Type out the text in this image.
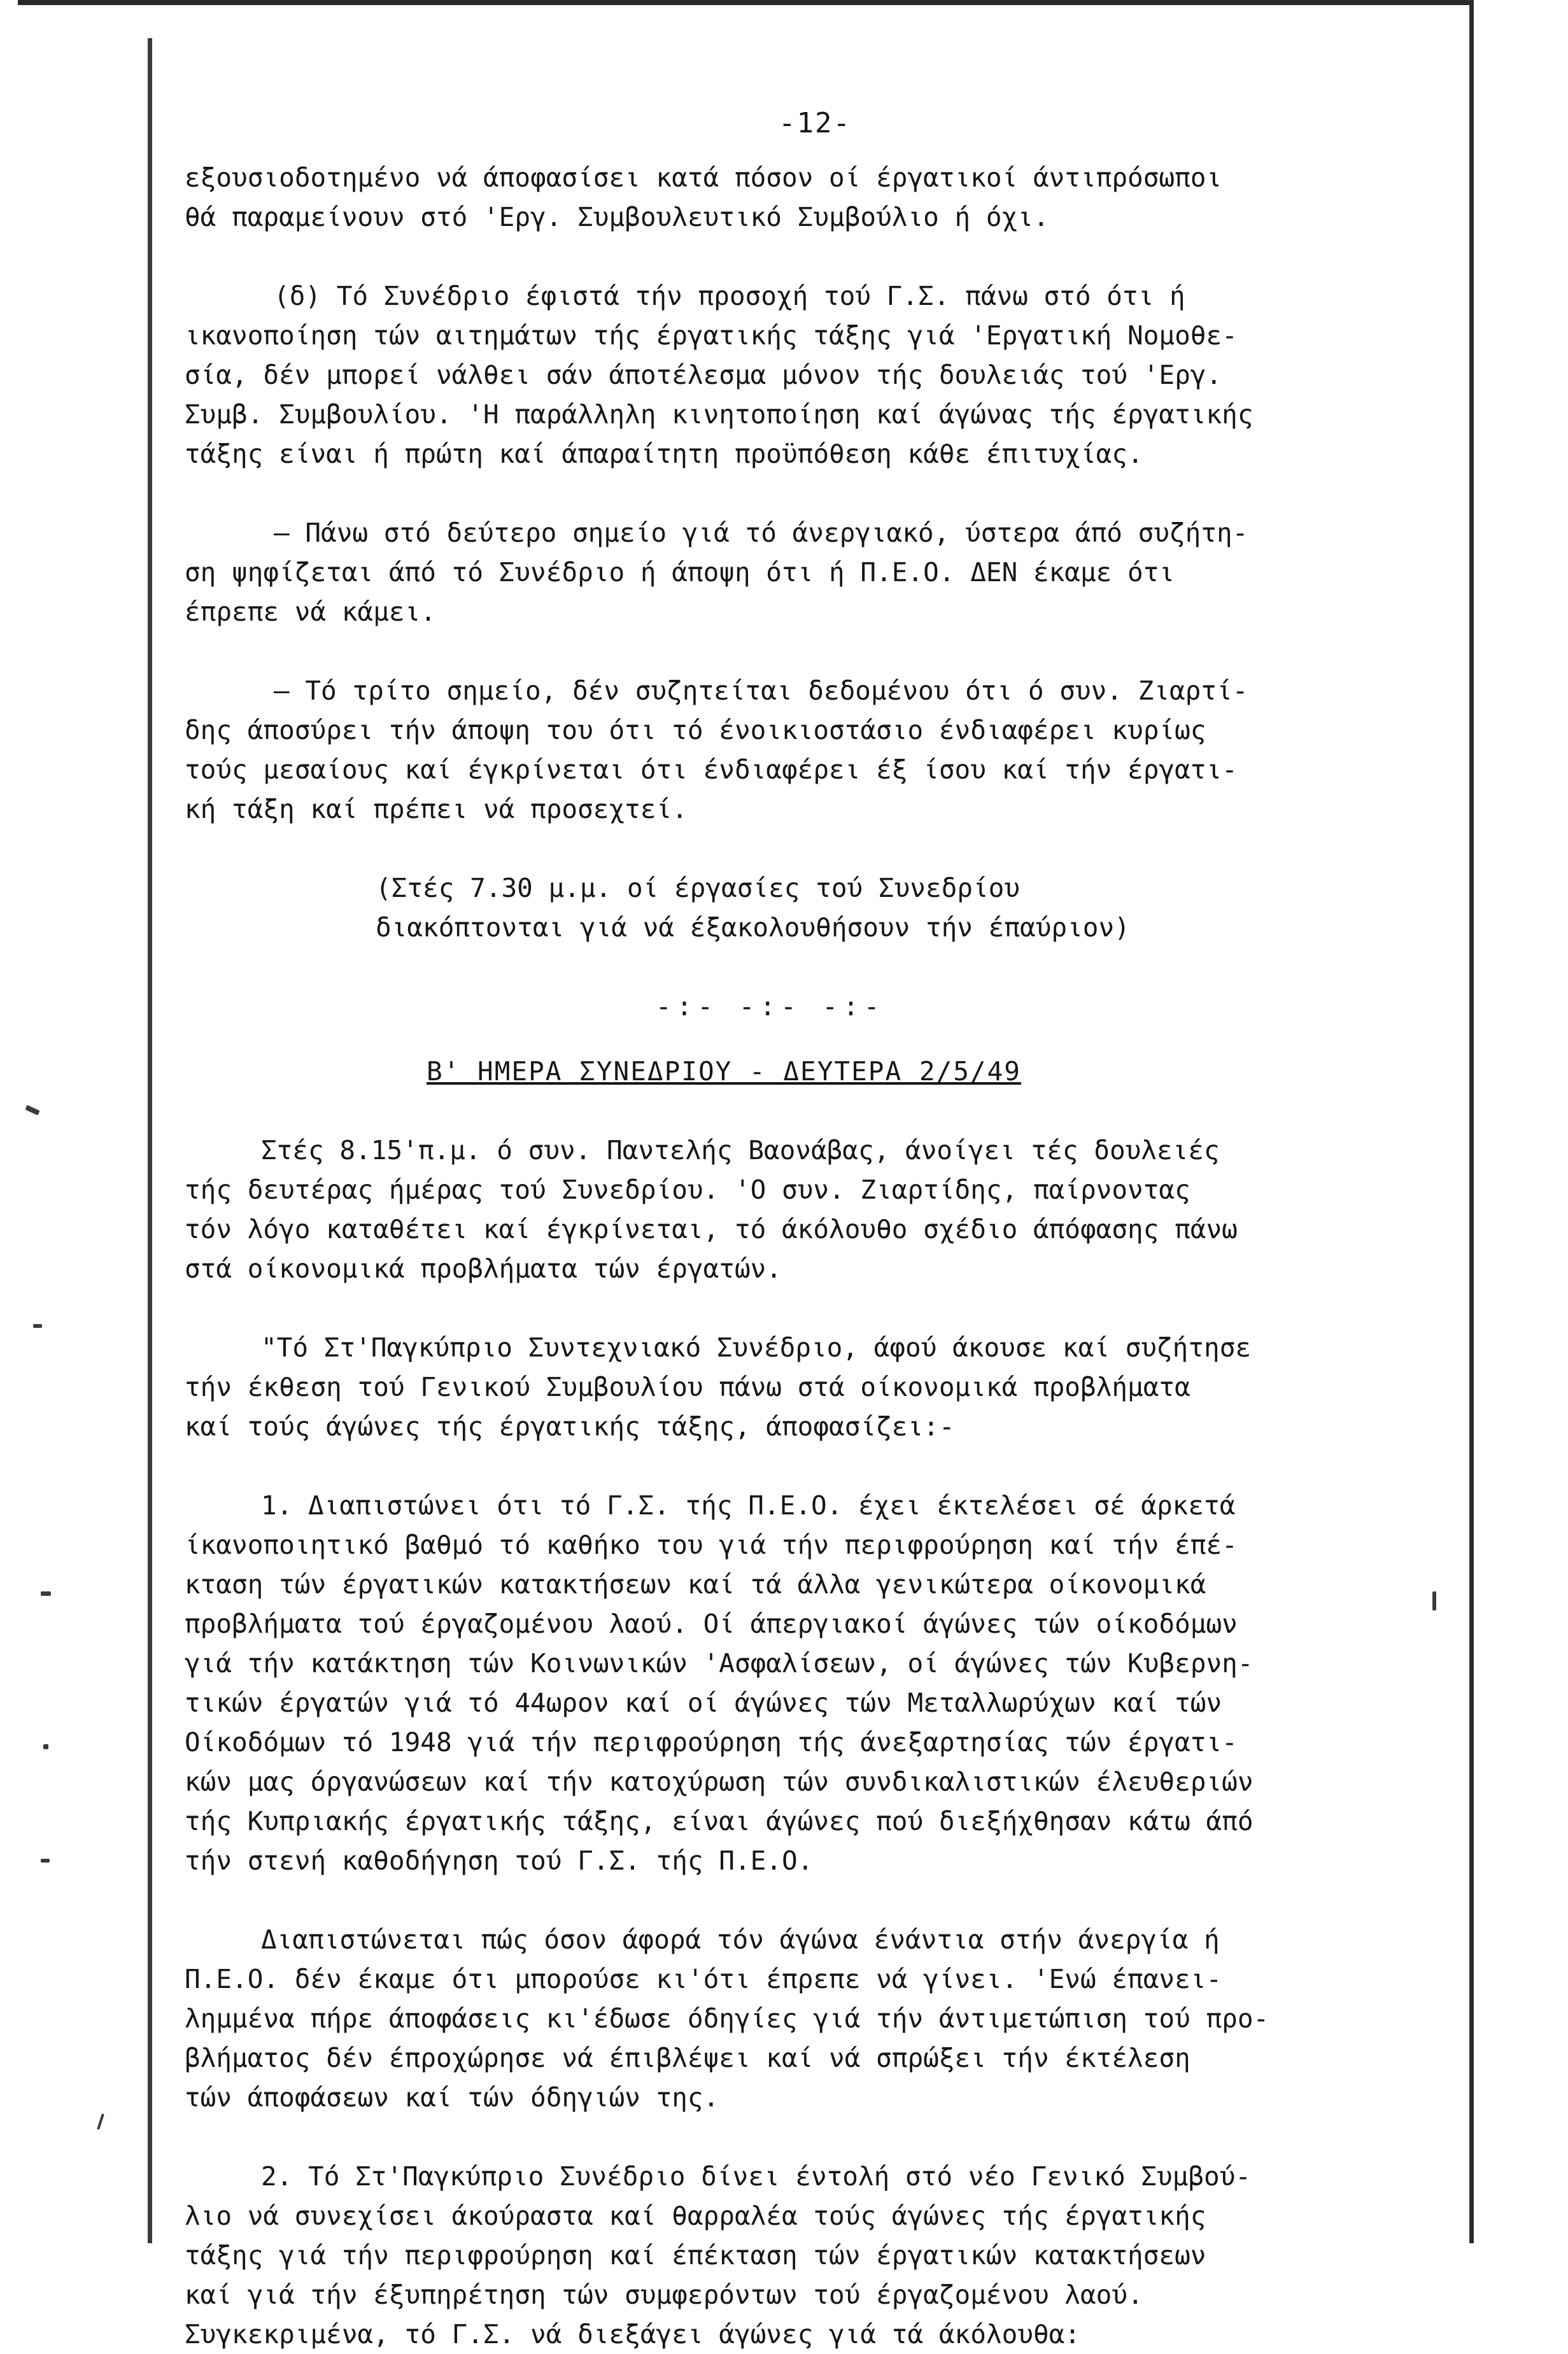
-12-

εξουσιοδοτημένο νά άποφασίσει κατά πόσον οί έργατικοί άντιπρόσωποι

θά παραμείνουν στό 'Εργ. Συμβουλευτικό Συμβούλιο ή όχι.

(δ) Τό Συνέδριο έφιστά τήν προσοχή τού Γ.Σ. πάνω στό ότι ή

ικανοποίηση τών αιτημάτων τής έργατικής τάξης γιά 'Εργατική Νομοθε-

σία, δέν μπορεί νάλθει σάν άποτέλεσμα μόνον τής δουλειάς τού 'Εργ.

Συμβ. Συμβουλίου. 'Η παράλληλη κινητοποίηση καί άγώνας τής έργατικής

τάξης είναι ή πρώτη καί άπαραίτητη προϋπόθεση κάθε έπιτυχίας.

— Πάνω στό δεύτερο σημείο γιά τό άνεργιακό, ύστερα άπό συζήτη-

ση ψηφίζεται άπό τό Συνέδριο ή άποψη ότι ή Π.Ε.Ο. ΔΕΝ έκαμε ότι

έπρεπε νά κάμει.

— Τό τρίτο σημείο, δέν συζητείται δεδομένου ότι ό συν. Ζιαρτί-

δης άποσύρει τήν άποψη του ότι τό ένοικιοστάσιο ένδιαφέρει κυρίως

τούς μεσαίους καί έγκρίνεται ότι ένδιαφέρει έξ ίσου καί τήν έργατι-

κή τάξη καί πρέπει νά προσεχτεί.

(Στές 7.30 μ.μ. οί έργασίες τού Συνεδρίου

διακόπτονται γιά νά έξακολουθήσουν τήν έπαύριον)

-:- -:- -:-

Β' ΗΜΕΡΑ ΣΥΝΕΔΡΙΟΥ - ΔΕΥΤΕΡΑ 2/5/49

Στές 8.15'π.μ. ό συν. Παντελής Βαονάβας, άνοίγει τές δουλειές

τής δευτέρας ήμέρας τού Συνεδρίου. 'Ο συν. Ζιαρτίδης, παίρνοντας

τόν λόγο καταθέτει καί έγκρίνεται, τό άκόλουθο σχέδιο άπόφασης πάνω

στά οίκονομικά προβλήματα τών έργατών.

"Τό Στ'Παγκύπριο Συντεχνιακό Συνέδριο, άφού άκουσε καί συζήτησε

τήν έκθεση τού Γενικού Συμβουλίου πάνω στά οίκονομικά προβλήματα

καί τούς άγώνες τής έργατικής τάξης, άποφασίζει:-

1. Διαπιστώνει ότι τό Γ.Σ. τής Π.Ε.Ο. έχει έκτελέσει σέ άρκετά

ίκανοποιητικό βαθμό τό καθήκο του γιά τήν περιφρούρηση καί τήν έπέ-

κταση τών έργατικών κατακτήσεων καί τά άλλα γενικώτερα οίκονομικά

προβλήματα τού έργαζομένου λαού. Οί άπεργιακοί άγώνες τών οίκοδόμων

γιά τήν κατάκτηση τών Κοινωνικών 'Ασφαλίσεων, οί άγώνες τών Κυβερνη-

τικών έργατών γιά τό 44ωρον καί οί άγώνες τών Μεταλλωρύχων καί τών

Οίκοδόμων τό 1948 γιά τήν περιφρούρηση τής άνεξαρτησίας τών έργατι-

κών μας όργανώσεων καί τήν κατοχύρωση τών συνδικαλιστικών έλευθεριών

τής Κυπριακής έργατικής τάξης, είναι άγώνες πού διεξήχθησαν κάτω άπό

τήν στενή καθοδήγηση τού Γ.Σ. τής Π.Ε.Ο.

Διαπιστώνεται πώς όσον άφορά τόν άγώνα ένάντια στήν άνεργία ή

Π.Ε.Ο. δέν έκαμε ότι μπορούσε κι'ότι έπρεπε νά γίνει. 'Ενώ έπανει-

λημμένα πήρε άποφάσεις κι'έδωσε όδηγίες γιά τήν άντιμετώπιση τού προ-

βλήματος δέν έπροχώρησε νά έπιβλέψει καί νά σπρώξει τήν έκτέλεση

τών άποφάσεων καί τών όδηγιών της.

2. Τό Στ'Παγκύπριο Συνέδριο δίνει έντολή στό νέο Γενικό Συμβού-

λιο νά συνεχίσει άκούραστα καί θαρραλέα τούς άγώνες τής έργατικής

τάξης γιά τήν περιφρούρηση καί έπέκταση τών έργατικών κατακτήσεων

καί γιά τήν έξυπηρέτηση τών συμφερόντων τού έργαζομένου λαού.

Συγκεκριμένα, τό Γ.Σ. νά διεξάγει άγώνες γιά τά άκόλουθα:
